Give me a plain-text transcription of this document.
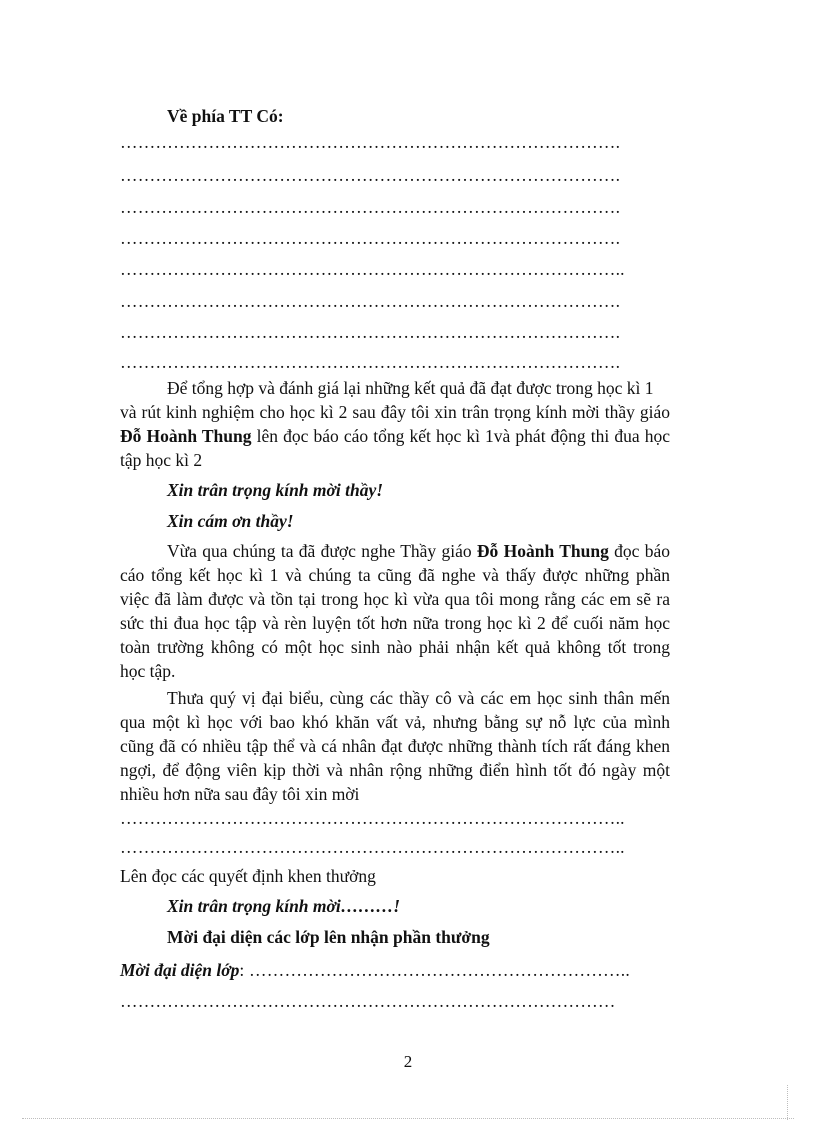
Về phía TT Có:
………………………………………………………………………….
………………………………………………………………………….
………………………………………………………………………….
………………………………………………………………………….
…………………………………………………………………………..
………………………………………………………………………….
………………………………………………………………………….
………………………………………………………………………….
Để tổng hợp và đánh giá lại những kết quả đã đạt được trong học kì 1
và rút kinh nghiệm cho học kì 2 sau đây tôi xin trân trọng kính mời thầy giáo
Đỗ Hoành Thung lên đọc báo cáo tổng kết học kì 1và phát động thi đua học
tập học kì 2
Xin trân trọng kính mời thầy!
Xin cám ơn thầy!
Vừa qua chúng ta đã được nghe Thầy giáo Đỗ Hoành Thung đọc báo
cáo tổng kết học kì 1 và chúng ta cũng đã nghe và thấy được những phần
việc đã làm được và tồn tại trong học kì vừa qua tôi mong rằng các em sẽ ra
sức thi đua học tập và rèn luyện tốt hơn nữa trong học kì 2 để cuối năm học
toàn trường không có một học sinh nào phải nhận kết quả không tốt trong
học tập.
Thưa quý vị đại biểu, cùng các thầy cô và các em học sinh thân mến
qua một kì học với bao khó khăn vất vả, nhưng bằng sự nỗ lực của mình
cũng đã có nhiều tập thể và cá nhân đạt được những thành tích rất đáng khen
ngợi, để động viên kịp thời và nhân rộng những điển hình tốt đó ngày một
nhiều hơn nữa sau đây tôi xin mời
…………………………………………………………………………..
…………………………………………………………………………..
Lên đọc các quyết định khen thưởng
Xin trân trọng kính mời………!
Mời đại diện các lớp lên nhận phần thưởng
Mời đại diện lớp: ………………………………………………………..
…………………………………………………………………………
2
